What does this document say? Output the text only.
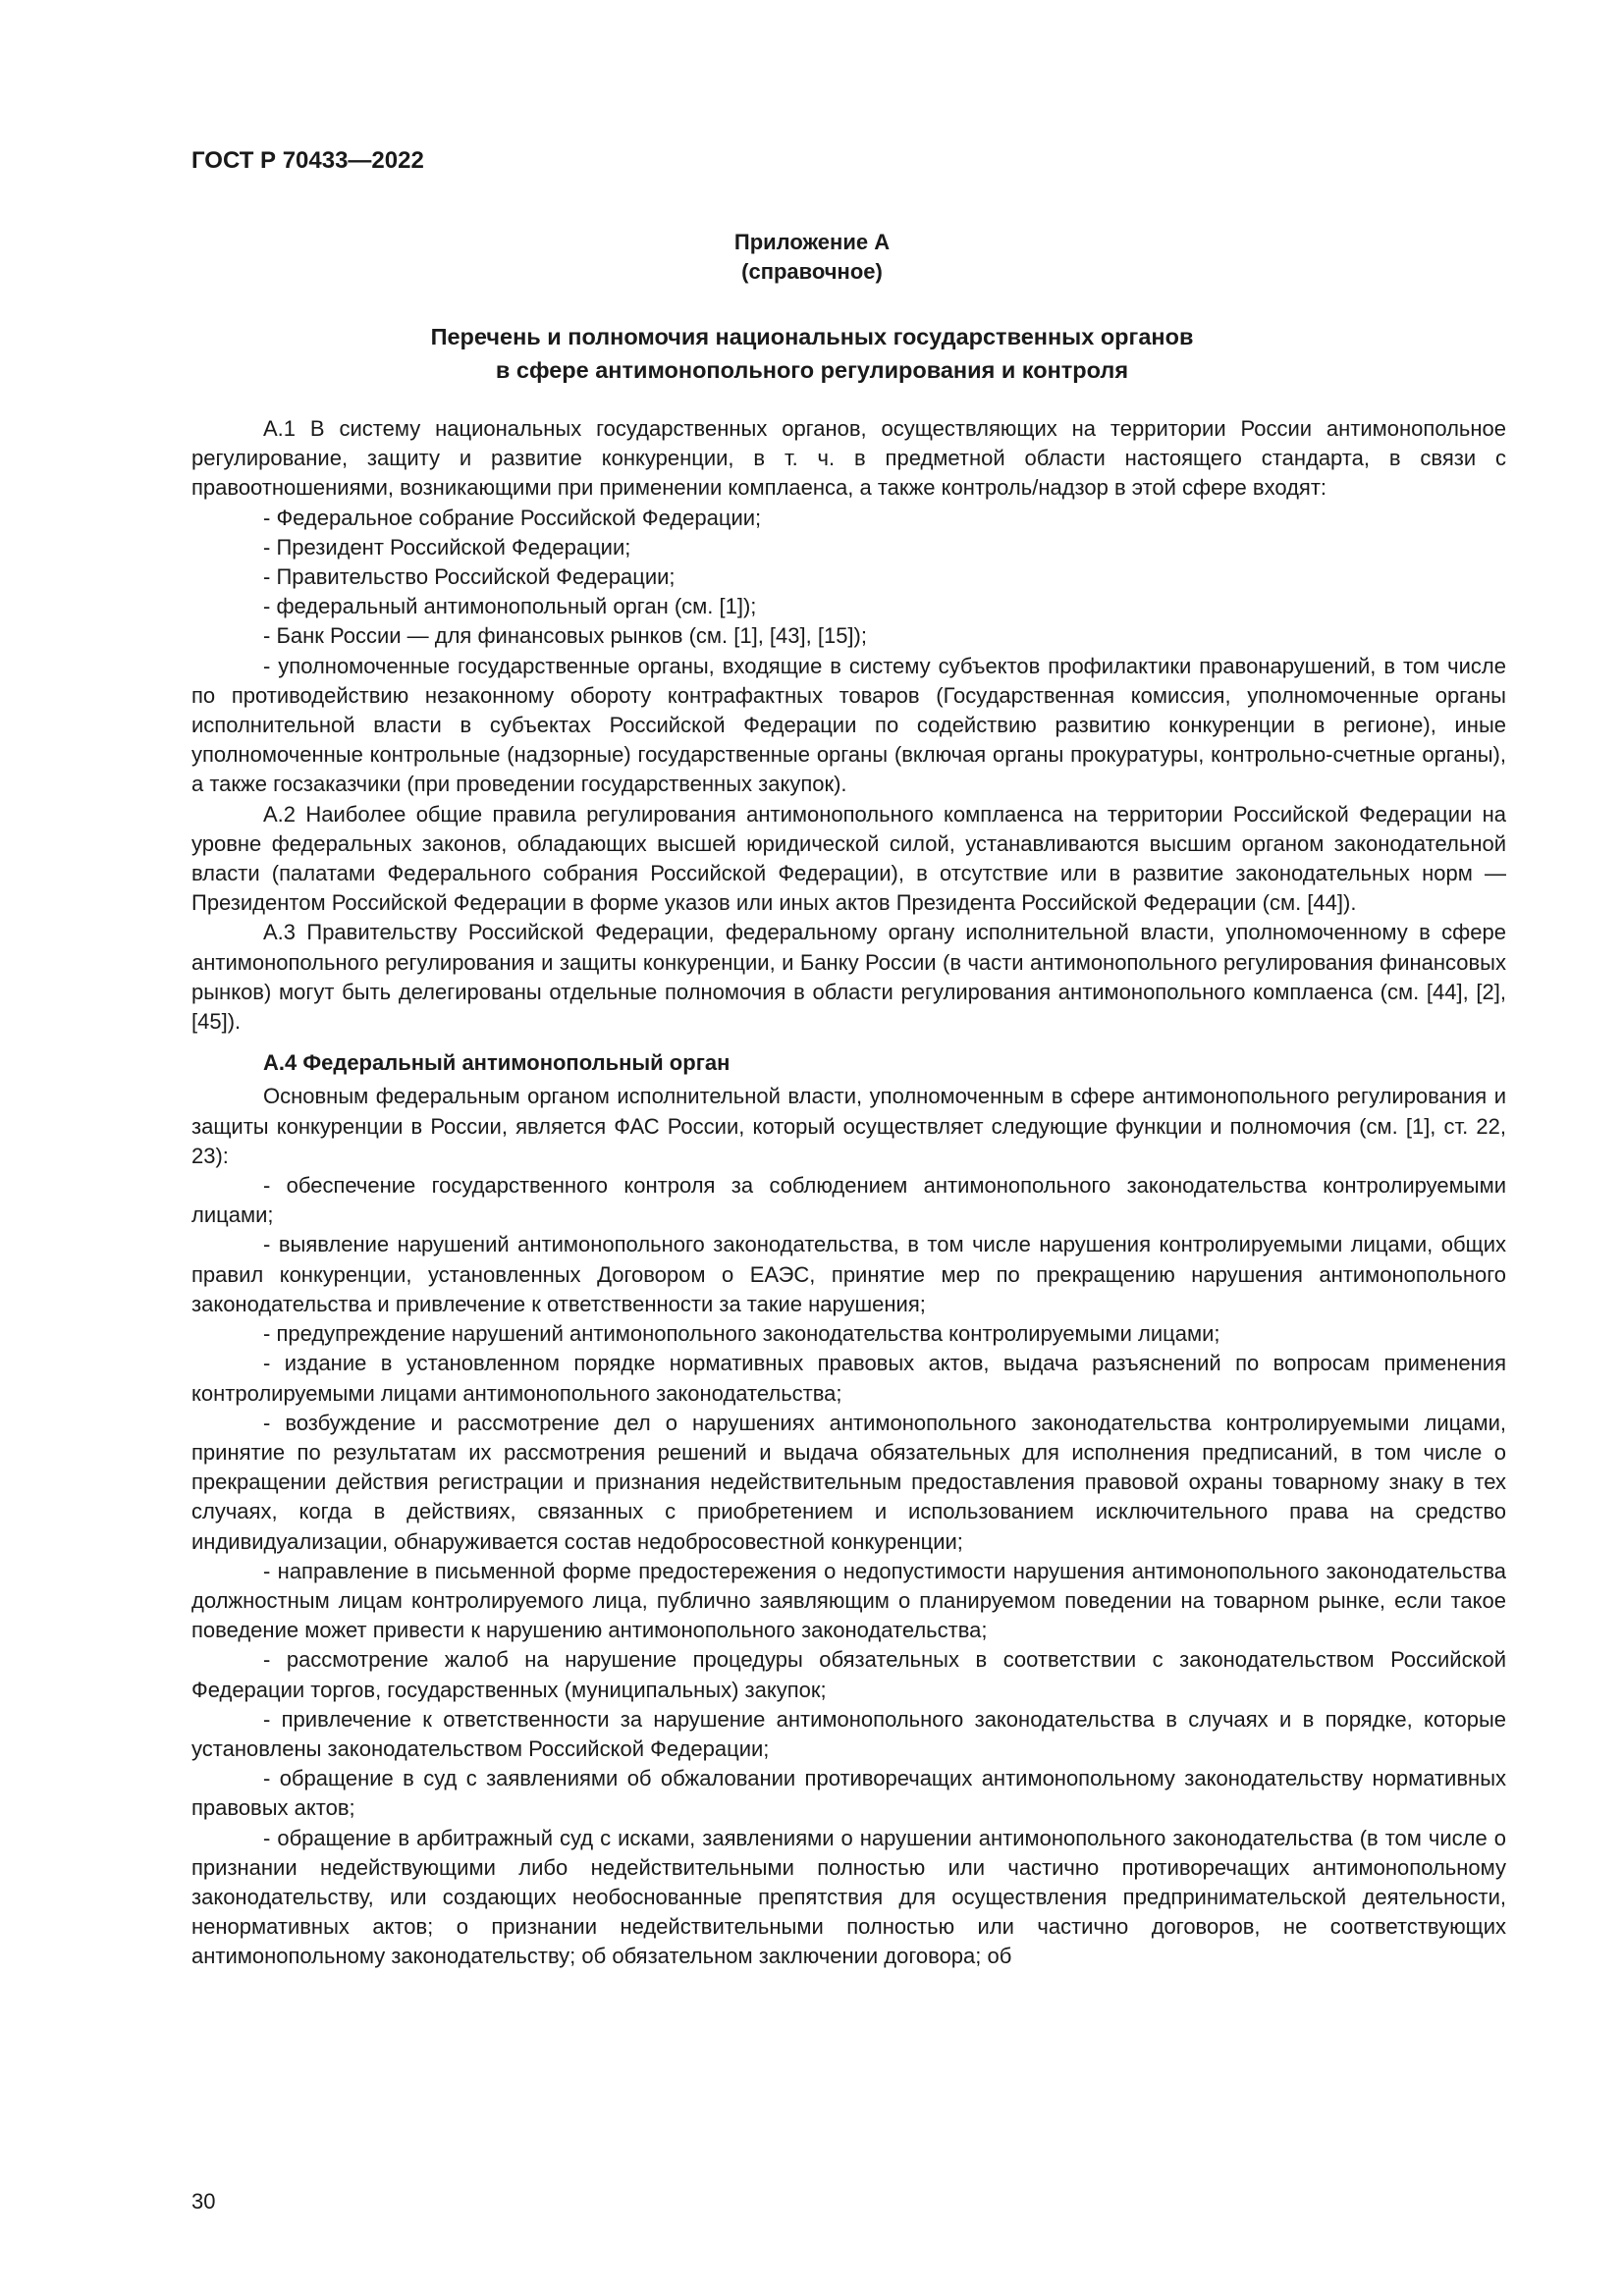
ГОСТ Р 70433—2022
Приложение А
(справочное)
Перечень и полномочия национальных государственных органов
в сфере антимонопольного регулирования и контроля

А.1 В систему национальных государственных органов, осуществляющих на территории России антимонопольное регулирование, защиту и развитие конкуренции, в т. ч. в предметной области настоящего стандарта, в связи с правоотношениями, возникающими при применении комплаенса, а также контроль/надзор в этой сфере входят:

- Федеральное собрание Российской Федерации;

- Президент Российской Федерации;

- Правительство Российской Федерации;

- федеральный антимонопольный орган (см. [1]);

- Банк России — для финансовых рынков (см. [1], [43], [15]);

- уполномоченные государственные органы, входящие в систему субъектов профилактики правонарушений, в том числе по противодействию незаконному обороту контрафактных товаров (Государственная комиссия, уполномоченные органы исполнительной власти в субъектах Российской Федерации по содействию развитию конкуренции в регионе), иные уполномоченные контрольные (надзорные) государственные органы (включая органы прокуратуры, контрольно-счетные органы), а также госзаказчики (при проведении государственных закупок).

А.2 Наиболее общие правила регулирования антимонопольного комплаенса на территории Российской Федерации на уровне федеральных законов, обладающих высшей юридической силой, устанавливаются высшим органом законодательной власти (палатами Федерального собрания Российской Федерации), в отсутствие или в развитие законодательных норм — Президентом Российской Федерации в форме указов или иных актов Президента Российской Федерации (см. [44]).

А.3 Правительству Российской Федерации, федеральному органу исполнительной власти, уполномоченному в сфере антимонопольного регулирования и защиты конкуренции, и Банку России (в части антимонопольного регулирования финансовых рынков) могут быть делегированы отдельные полномочия в области регулирования антимонопольного комплаенса (см. [44], [2], [45]).

А.4 Федеральный антимонопольный орган

Основным федеральным органом исполнительной власти, уполномоченным в сфере антимонопольного регулирования и защиты конкуренции в России, является ФАС России, который осуществляет следующие функции и полномочия (см. [1], ст. 22, 23):

- обеспечение государственного контроля за соблюдением антимонопольного законодательства контролируемыми лицами;

- выявление нарушений антимонопольного законодательства, в том числе нарушения контролируемыми лицами, общих правил конкуренции, установленных Договором о ЕАЭС, принятие мер по прекращению нарушения антимонопольного законодательства и привлечение к ответственности за такие нарушения;

- предупреждение нарушений антимонопольного законодательства контролируемыми лицами;

- издание в установленном порядке нормативных правовых актов, выдача разъяснений по вопросам применения контролируемыми лицами антимонопольного законодательства;

- возбуждение и рассмотрение дел о нарушениях антимонопольного законодательства контролируемыми лицами, принятие по результатам их рассмотрения решений и выдача обязательных для исполнения предписаний, в том числе о прекращении действия регистрации и признания недействительным предоставления правовой охраны товарному знаку в тех случаях, когда в действиях, связанных с приобретением и использованием исключительного права на средство индивидуализации, обнаруживается состав недобросовестной конкуренции;

- направление в письменной форме предостережения о недопустимости нарушения антимонопольного законодательства должностным лицам контролируемого лица, публично заявляющим о планируемом поведении на товарном рынке, если такое поведение может привести к нарушению антимонопольного законодательства;

- рассмотрение жалоб на нарушение процедуры обязательных в соответствии с законодательством Российской Федерации торгов, государственных (муниципальных) закупок;

- привлечение к ответственности за нарушение антимонопольного законодательства в случаях и в порядке, которые установлены законодательством Российской Федерации;

- обращение в суд с заявлениями об обжаловании противоречащих антимонопольному законодательству нормативных правовых актов;

- обращение в арбитражный суд с исками, заявлениями о нарушении антимонопольного законодательства (в том числе о признании недействующими либо недействительными полностью или частично противоречащих антимонопольному законодательству, или создающих необоснованные препятствия для осуществления предпринимательской деятельности, ненормативных актов; о признании недействительными полностью или частично договоров, не соответствующих антимонопольному законодательству; об обязательном заключении договора; об

30
